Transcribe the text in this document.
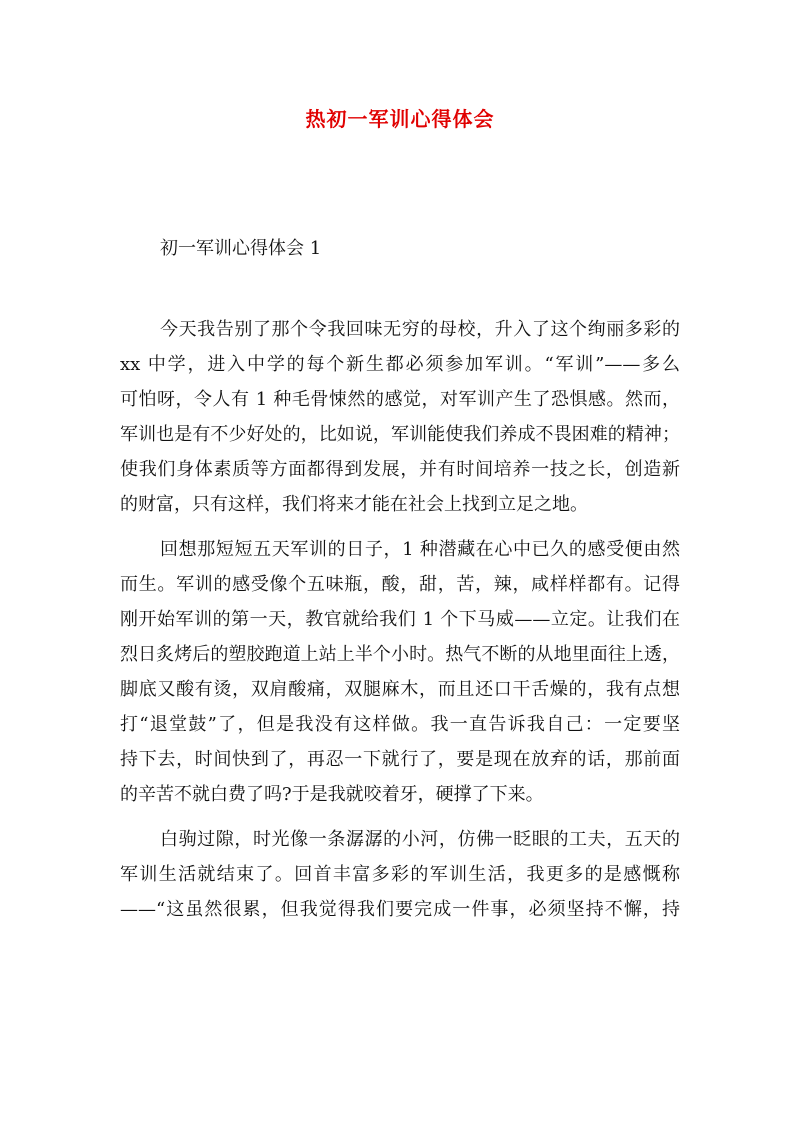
热初一军训心得体会

初一军训心得体会 1

今天我告别了那个令我回味无穷的母校，升入了这个绚丽多彩的
xx 中学，进入中学的每个新生都必须参加军训。“军训”——多么
可怕呀，令人有 1 种毛骨悚然的感觉，对军训产生了恐惧感。然而，
军训也是有不少好处的，比如说，军训能使我们养成不畏困难的精神；
使我们身体素质等方面都得到发展，并有时间培养一技之长，创造新
的财富，只有这样，我们将来才能在社会上找到立足之地。
回想那短短五天军训的日子，1 种潜藏在心中已久的感受便由然
而生。军训的感受像个五味瓶，酸，甜，苦，辣，咸样样都有。记得
刚开始军训的第一天，教官就给我们 1 个下马威——立定。让我们在
烈日炙烤后的塑胶跑道上站上半个小时。热气不断的从地里面往上透，
脚底又酸有烫，双肩酸痛，双腿麻木，而且还口干舌燥的，我有点想
打“退堂鼓”了，但是我没有这样做。我一直告诉我自己：一定要坚
持下去，时间快到了，再忍一下就行了，要是现在放弃的话，那前面
的辛苦不就白费了吗?于是我就咬着牙，硬撑了下来。
白驹过隙，时光像一条潺潺的小河，仿佛一眨眼的工夫，五天的
军训生活就结束了。回首丰富多彩的军训生活，我更多的是感慨称
——“这虽然很累，但我觉得我们要完成一件事，必须坚持不懈，持
